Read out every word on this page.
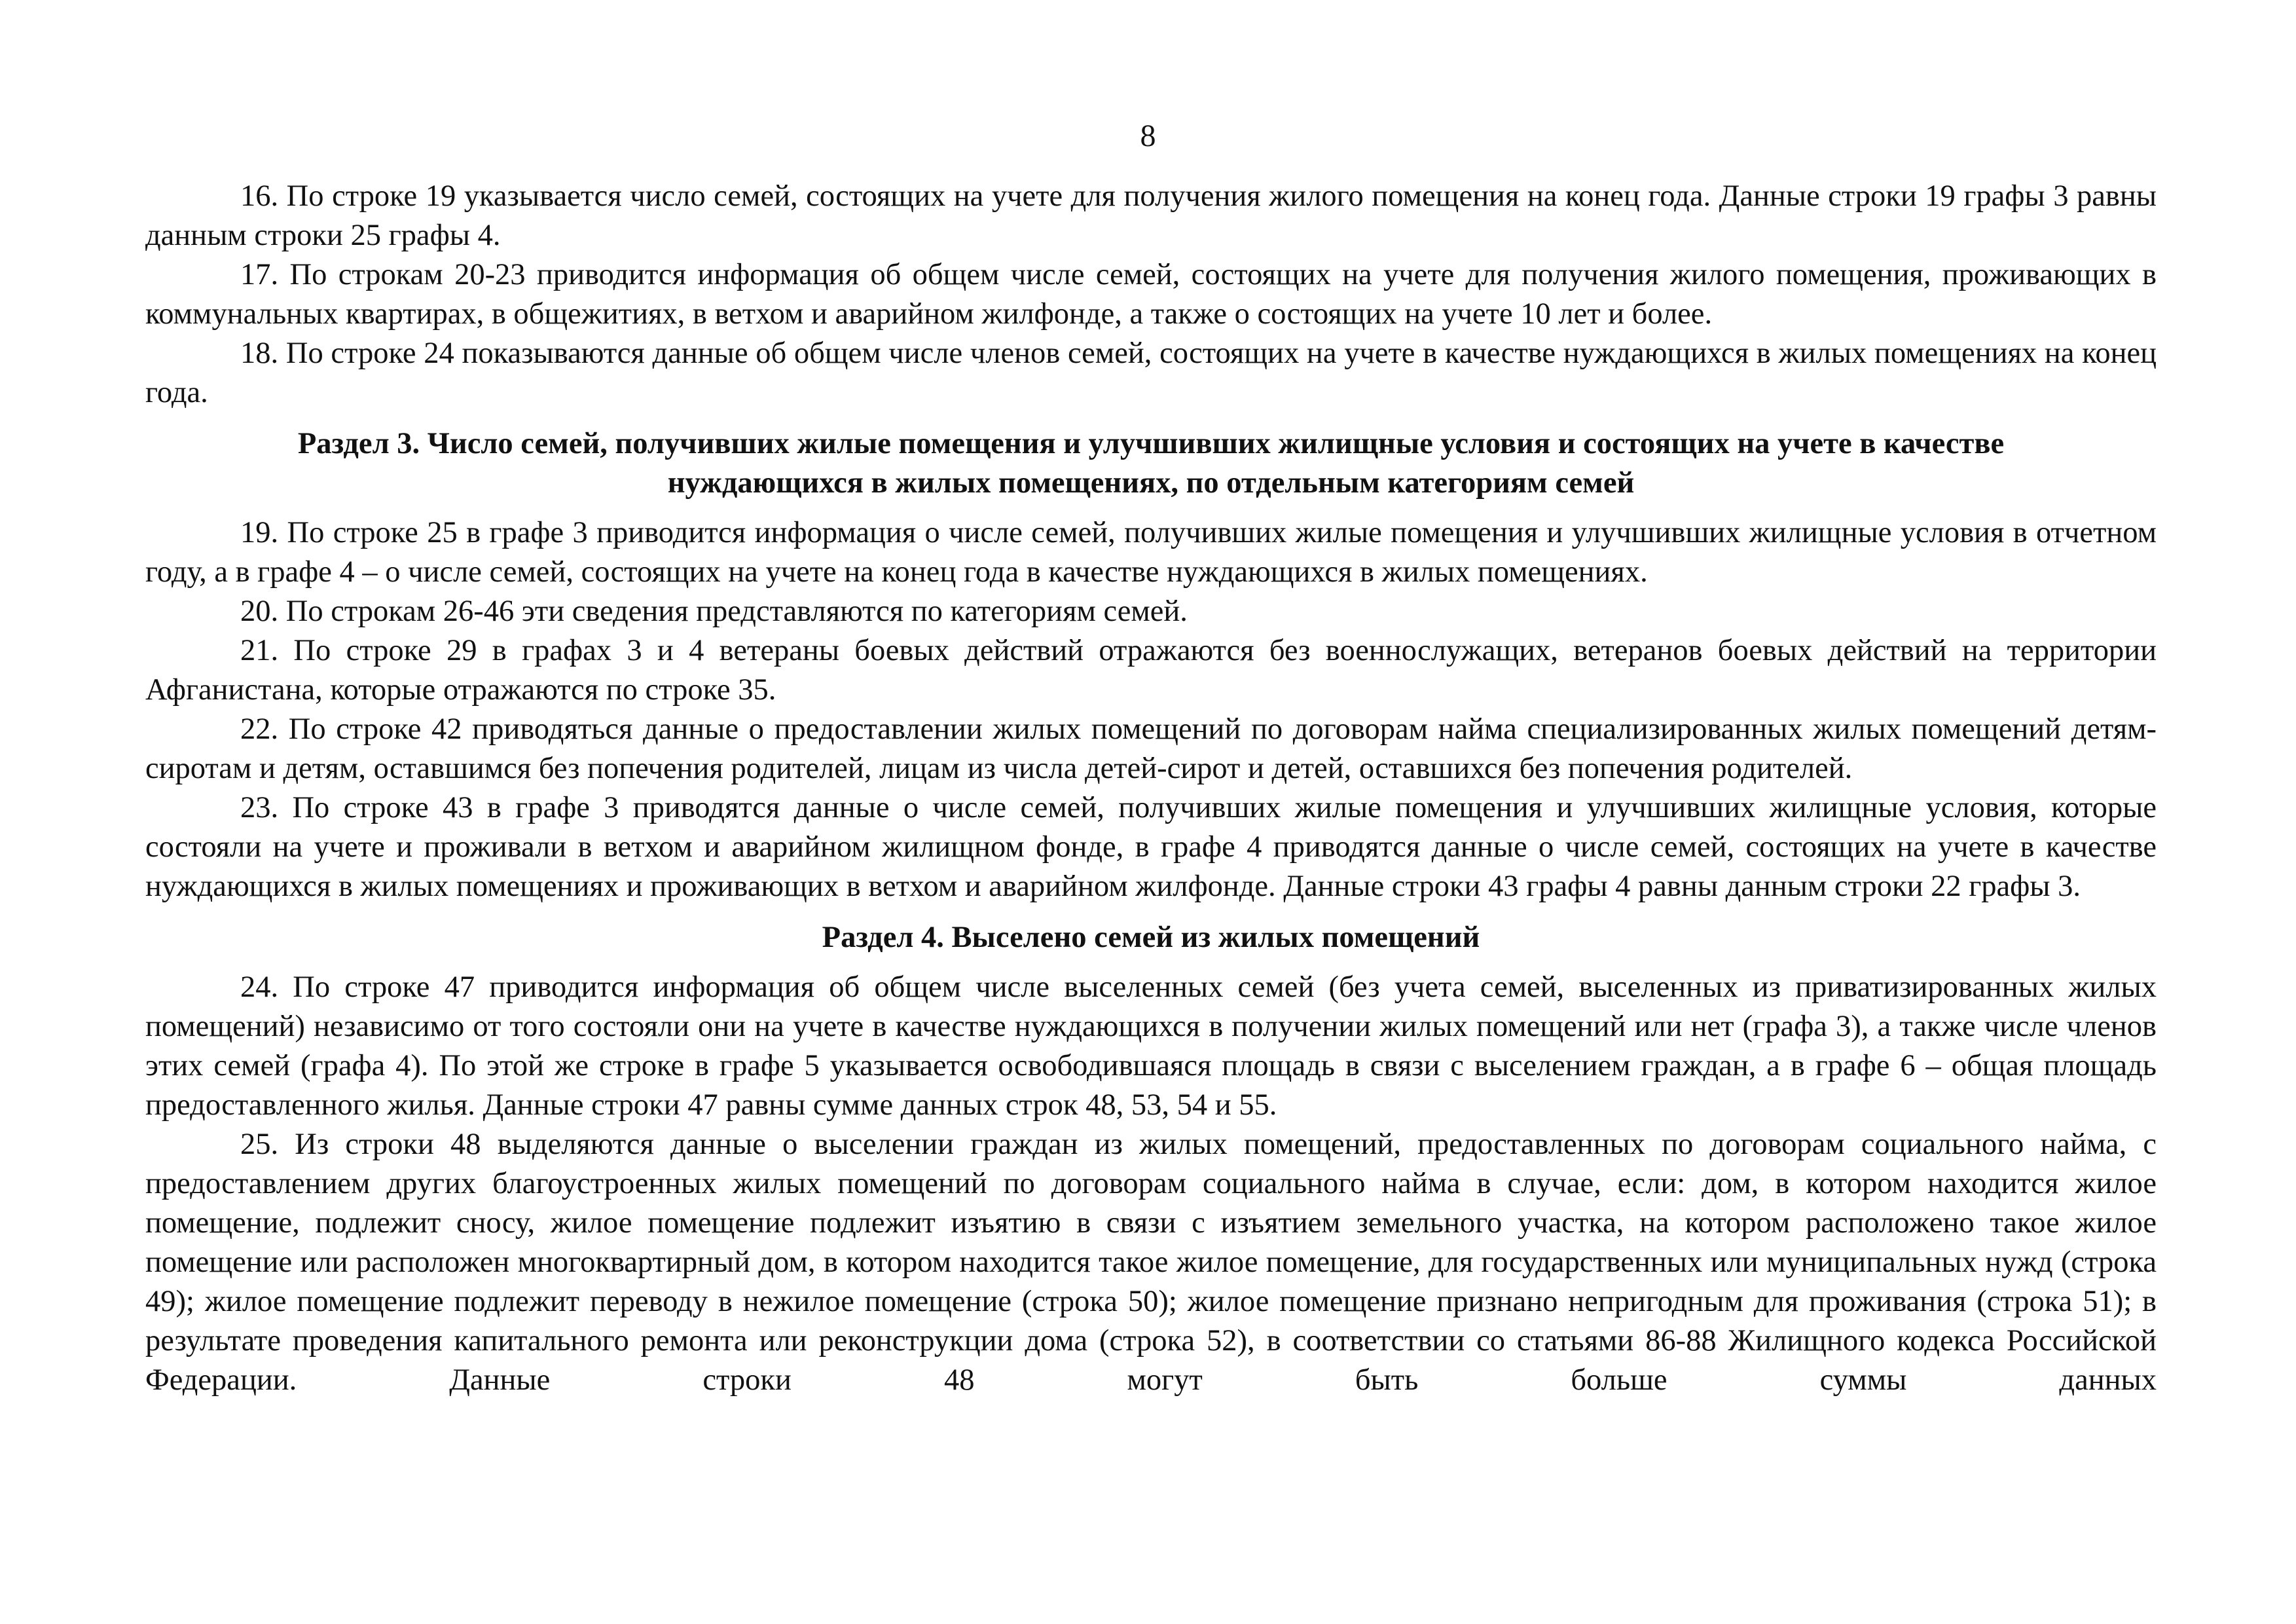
8

16. По строке 19 указывается число семей, состоящих на учете для получения жилого помещения на конец года. Данные строки 19 графы 3 равны данным строки 25 графы 4.

17. По строкам 20-23 приводится информация об общем числе семей, состоящих на учете для получения жилого помещения, проживающих в коммунальных квартирах, в общежитиях, в ветхом и аварийном жилфонде, а также о состоящих на учете 10 лет и более.

18. По строке 24 показываются данные об общем числе членов семей, состоящих на учете в качестве нуждающихся в жилых помещениях на конец года.

Раздел 3. Число семей, получивших жилые помещения и улучшивших жилищные условия и состоящих на учете в качестве нуждающихся в жилых помещениях, по отдельным категориям семей

19. По строке 25 в графе 3 приводится информация о числе семей, получивших жилые помещения и улучшивших жилищные условия в отчетном году, а в графе 4 – о числе семей, состоящих на учете на конец года в качестве нуждающихся в жилых помещениях.

20. По строкам 26-46 эти сведения представляются по категориям семей.

21. По строке 29 в графах 3 и 4 ветераны боевых действий отражаются без военнослужащих, ветеранов боевых действий на территории Афганистана, которые отражаются по строке 35.

22. По строке 42 приводяться данные о предоставлении жилых помещений по договорам найма специализированных жилых помещений детям-сиротам и детям, оставшимся без попечения родителей, лицам из числа детей-сирот и детей, оставшихся без попечения родителей.

23. По строке 43 в графе 3 приводятся данные о числе семей, получивших жилые помещения и улучшивших жилищные условия, которые состояли на учете и проживали в ветхом и аварийном жилищном фонде, в графе 4 приводятся данные о числе семей, состоящих на учете в качестве нуждающихся в жилых помещениях и проживающих в ветхом и аварийном жилфонде. Данные строки 43 графы 4 равны данным строки 22 графы 3.

Раздел 4. Выселено семей из жилых помещений

24. По строке 47 приводится информация об общем числе выселенных семей (без учета семей, выселенных из приватизированных жилых помещений) независимо от того состояли они на учете в качестве нуждающихся в получении жилых помещений или нет (графа 3), а также числе членов этих семей (графа 4). По этой же строке в графе 5 указывается освободившаяся площадь в связи с выселением граждан, а в графе 6 – общая площадь предоставленного жилья. Данные строки 47 равны сумме данных строк 48, 53, 54 и 55.

25. Из строки 48 выделяются данные о выселении граждан из жилых помещений, предоставленных по договорам социального найма, с предоставлением других благоустроенных жилых помещений по договорам социального найма в случае, если: дом, в котором находится жилое помещение, подлежит сносу, жилое помещение подлежит изъятию в связи с изъятием земельного участка, на котором расположено такое жилое помещение или расположен многоквартирный дом, в котором находится такое жилое помещение, для государственных или муниципальных нужд (строка 49); жилое помещение подлежит переводу в нежилое помещение (строка 50); жилое помещение признано непригодным для проживания (строка 51); в результате проведения капитального ремонта или реконструкции дома (строка 52), в соответствии со статьями 86-88 Жилищного кодекса Российской Федерации. Данные строки 48 могут быть больше суммы данных
